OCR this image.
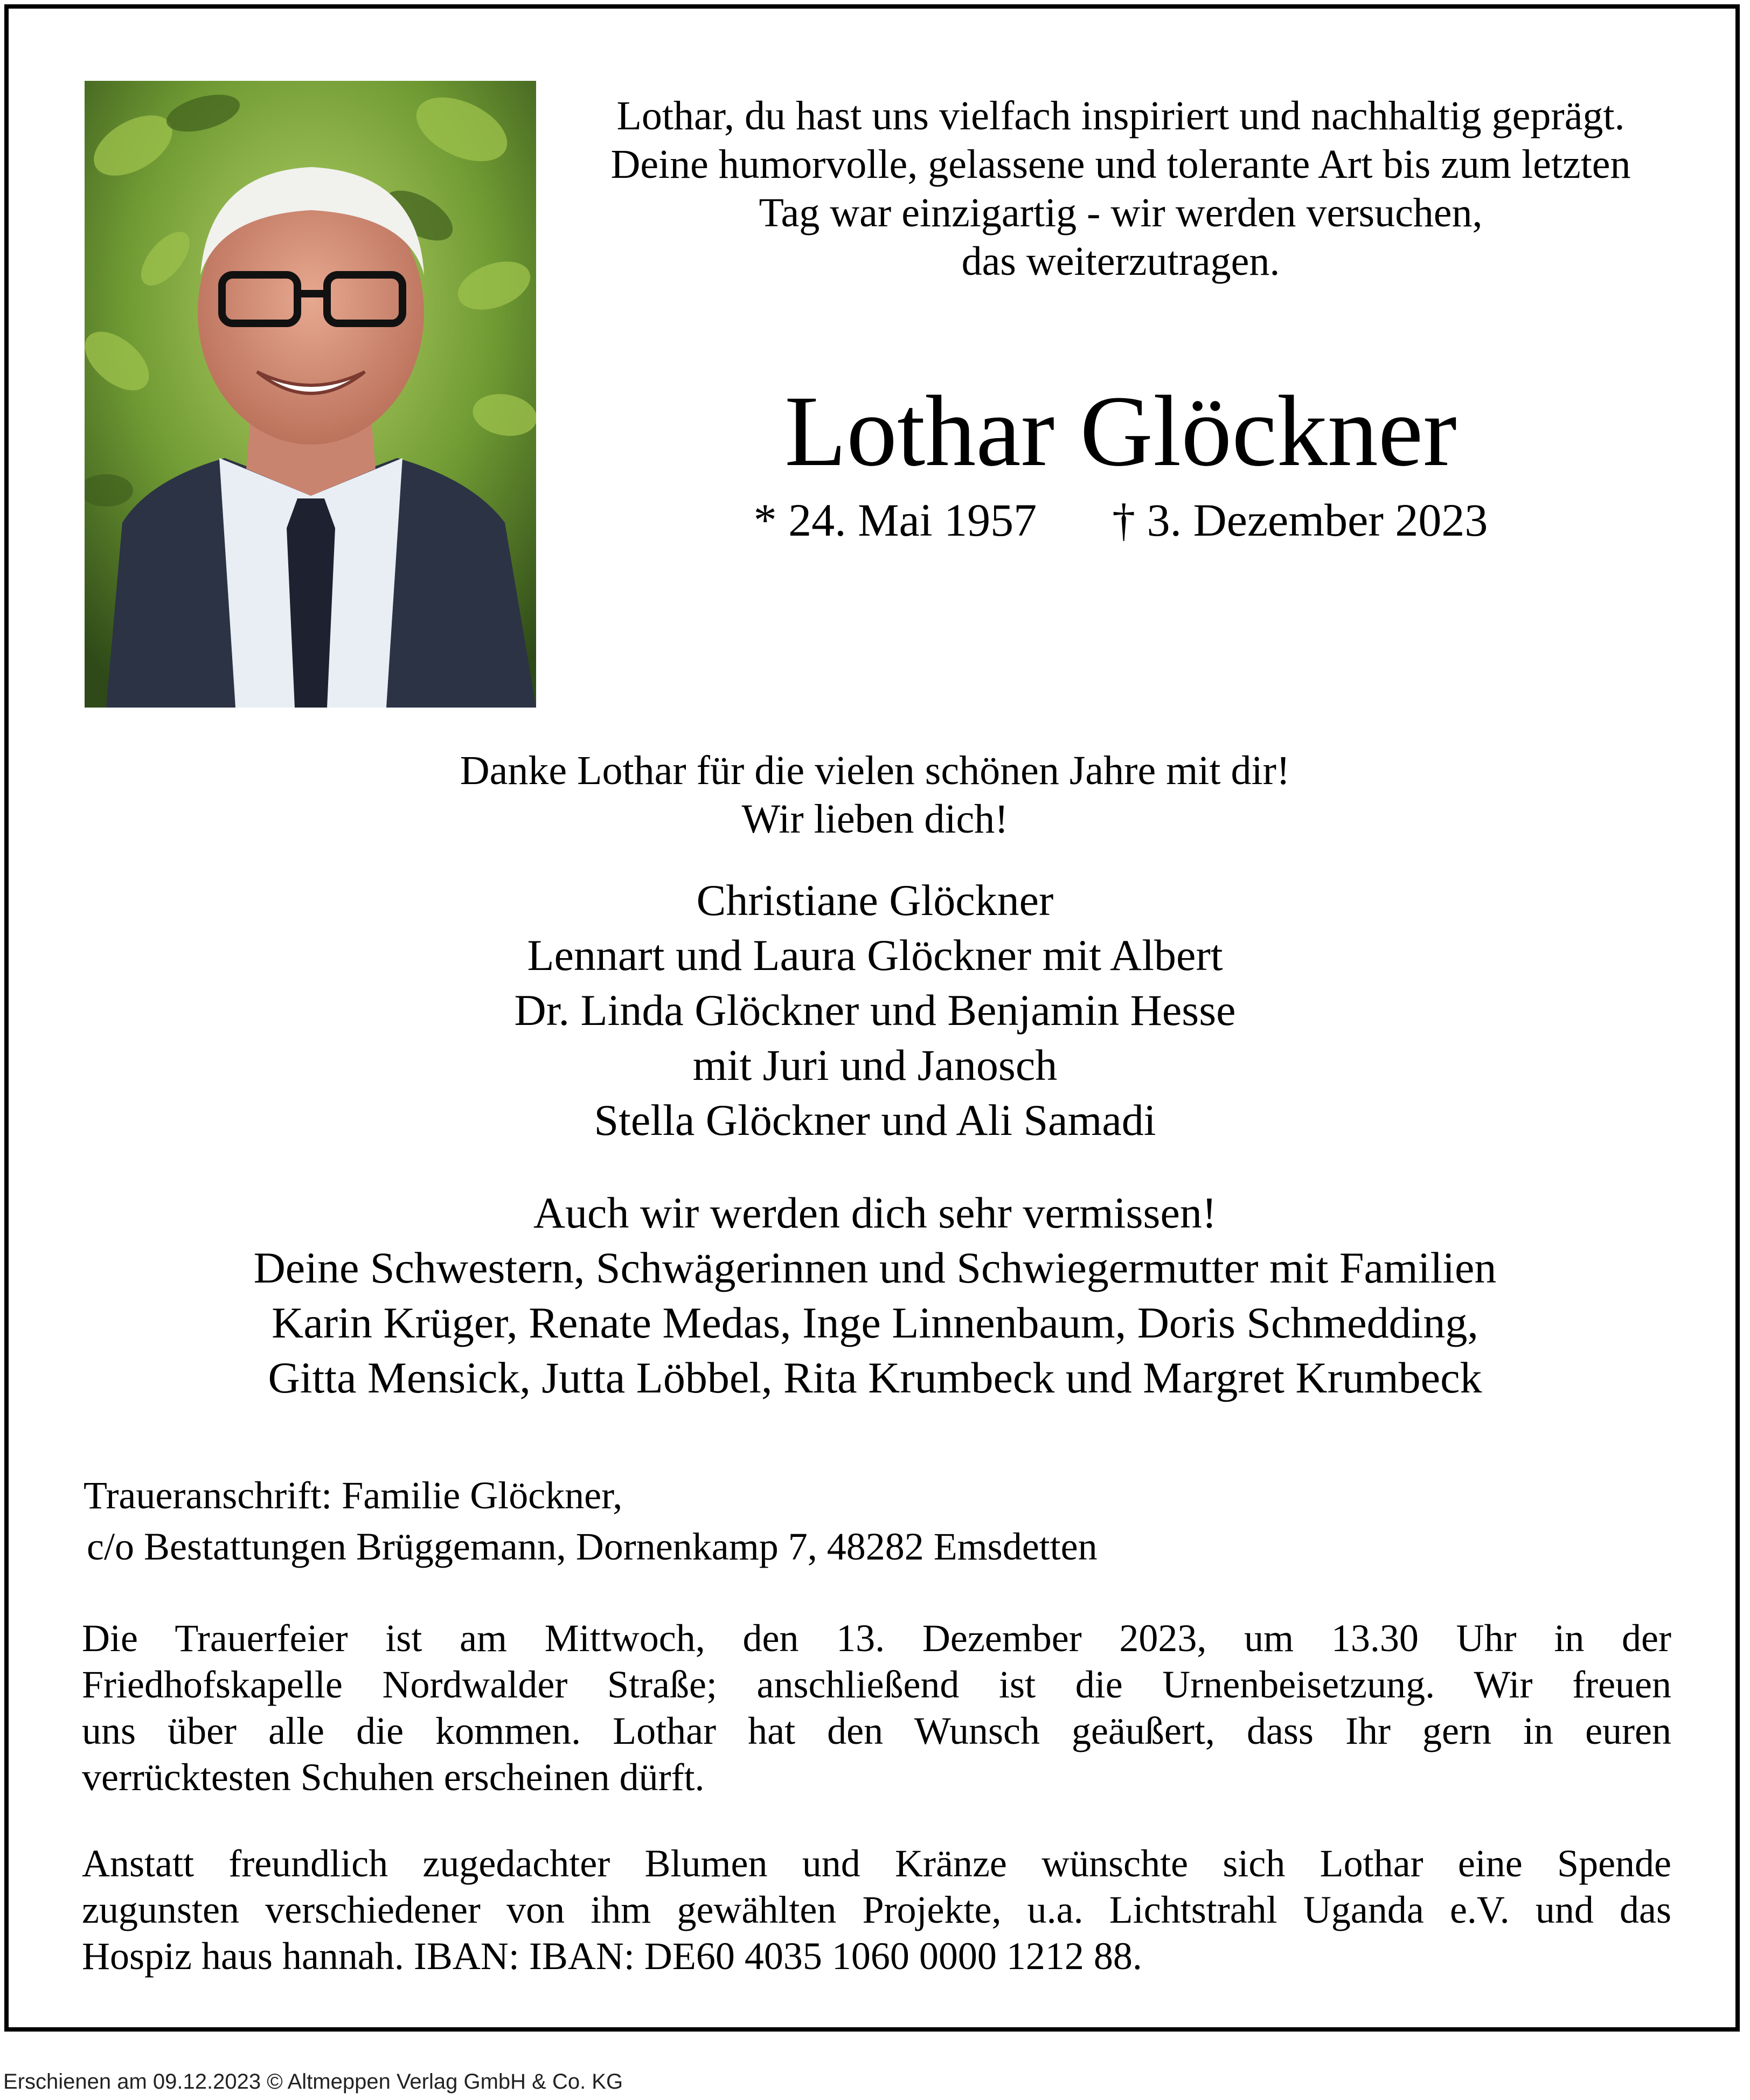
Lothar, du hast uns vielfach inspiriert und nachhaltig geprägt.
Deine humorvolle, gelassene und tolerante Art bis zum letzten
Tag war einzigartig - wir werden versuchen,
das weiterzutragen.
Lothar Glöckner
* 24. Mai 1957 † 3. Dezember 2023
Danke Lothar für die vielen schönen Jahre mit dir!
Wir lieben dich!
Christiane Glöckner
Lennart und Laura Glöckner mit Albert
Dr. Linda Glöckner und Benjamin Hesse
mit Juri und Janosch
Stella Glöckner und Ali Samadi
Auch wir werden dich sehr vermissen!
Deine Schwestern, Schwägerinnen und Schwiegermutter mit Familien
Karin Krüger, Renate Medas, Inge Linnenbaum, Doris Schmedding,
Gitta Mensick, Jutta Löbbel, Rita Krumbeck und Margret Krumbeck
Traueranschrift: Familie Glöckner,
c/o Bestattungen Brüggemann, Dornenkamp 7, 48282 Emsdetten
Die Trauerfeier ist am Mittwoch, den 13. Dezember 2023, um 13.30 Uhr in der
Friedhofskapelle Nordwalder Straße; anschließend ist die Urnenbeisetzung. Wir freuen
uns über alle die kommen. Lothar hat den Wunsch geäußert, dass Ihr gern in euren
verrücktesten Schuhen erscheinen dürft.
Anstatt freundlich zugedachter Blumen und Kränze wünschte sich Lothar eine Spende
zugunsten verschiedener von ihm gewählten Projekte, u.a. Lichtstrahl Uganda e.V. und das
Hospiz haus hannah. IBAN: IBAN: DE60 4035 1060 0000 1212 88.
Erschienen am 09.12.2023 © Altmeppen Verlag GmbH & Co. KG
